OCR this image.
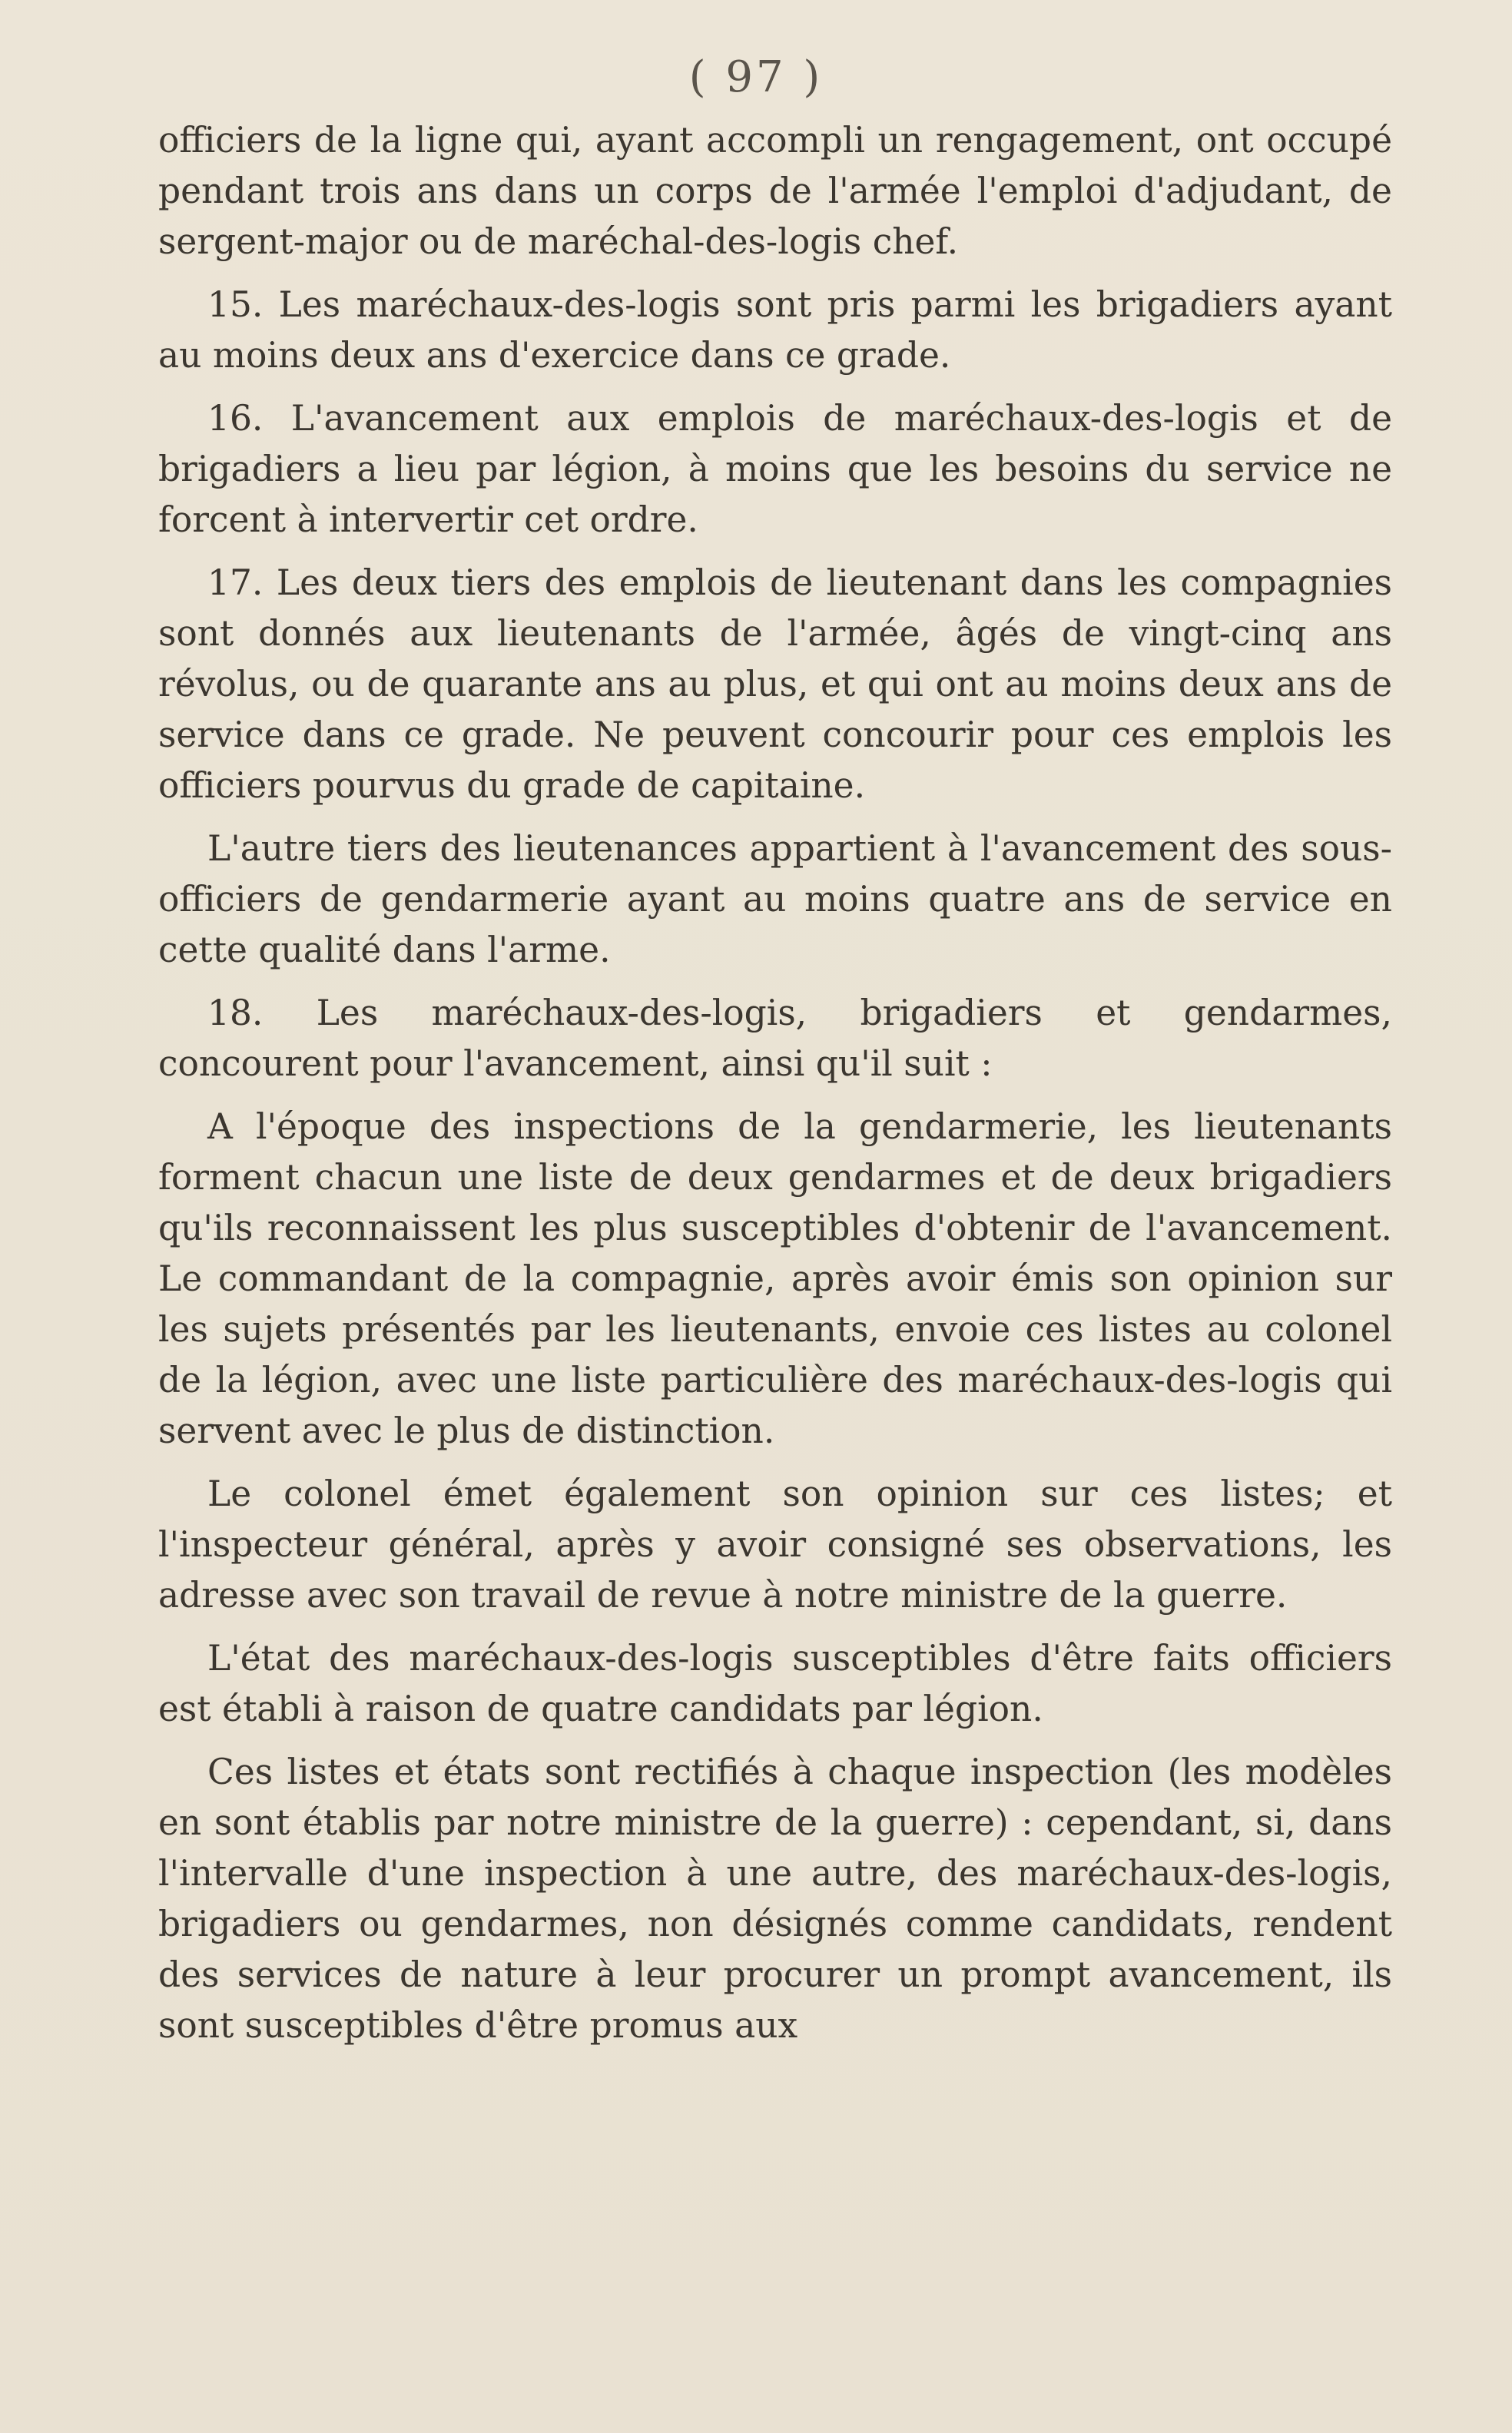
( 97 )

officiers de la ligne qui, ayant accompli un rengagement, ont occupé pendant trois ans dans un corps de l'armée l'emploi d'adjudant, de sergent-major ou de maréchal-des-logis chef.

15. Les maréchaux-des-logis sont pris parmi les brigadiers ayant au moins deux ans d'exercice dans ce grade.

16. L'avancement aux emplois de maréchaux-des-logis et de brigadiers a lieu par légion, à moins que les besoins du service ne forcent à intervertir cet ordre.

17. Les deux tiers des emplois de lieutenant dans les compagnies sont donnés aux lieutenants de l'armée, âgés de vingt-cinq ans révolus, ou de quarante ans au plus, et qui ont au moins deux ans de service dans ce grade. Ne peuvent concourir pour ces emplois les officiers pourvus du grade de capitaine.

L'autre tiers des lieutenances appartient à l'avancement des sous-officiers de gendarmerie ayant au moins quatre ans de service en cette qualité dans l'arme.

18. Les maréchaux-des-logis, brigadiers et gendarmes, concourent pour l'avancement, ainsi qu'il suit :

A l'époque des inspections de la gendarmerie, les lieutenants forment chacun une liste de deux gendarmes et de deux brigadiers qu'ils reconnaissent les plus susceptibles d'obtenir de l'avancement. Le commandant de la compagnie, après avoir émis son opinion sur les sujets présentés par les lieutenants, envoie ces listes au colonel de la légion, avec une liste particulière des maréchaux-des-logis qui servent avec le plus de distinction.

Le colonel émet également son opinion sur ces listes; et l'inspecteur général, après y avoir consigné ses observations, les adresse avec son travail de revue à notre ministre de la guerre.

L'état des maréchaux-des-logis susceptibles d'être faits officiers est établi à raison de quatre candidats par légion.

Ces listes et états sont rectifiés à chaque inspection (les modèles en sont établis par notre ministre de la guerre) : cependant, si, dans l'intervalle d'une inspection à une autre, des maréchaux-des-logis, brigadiers ou gendarmes, non désignés comme candidats, rendent des services de nature à leur procurer un prompt avancement, ils sont susceptibles d'être promus aux
